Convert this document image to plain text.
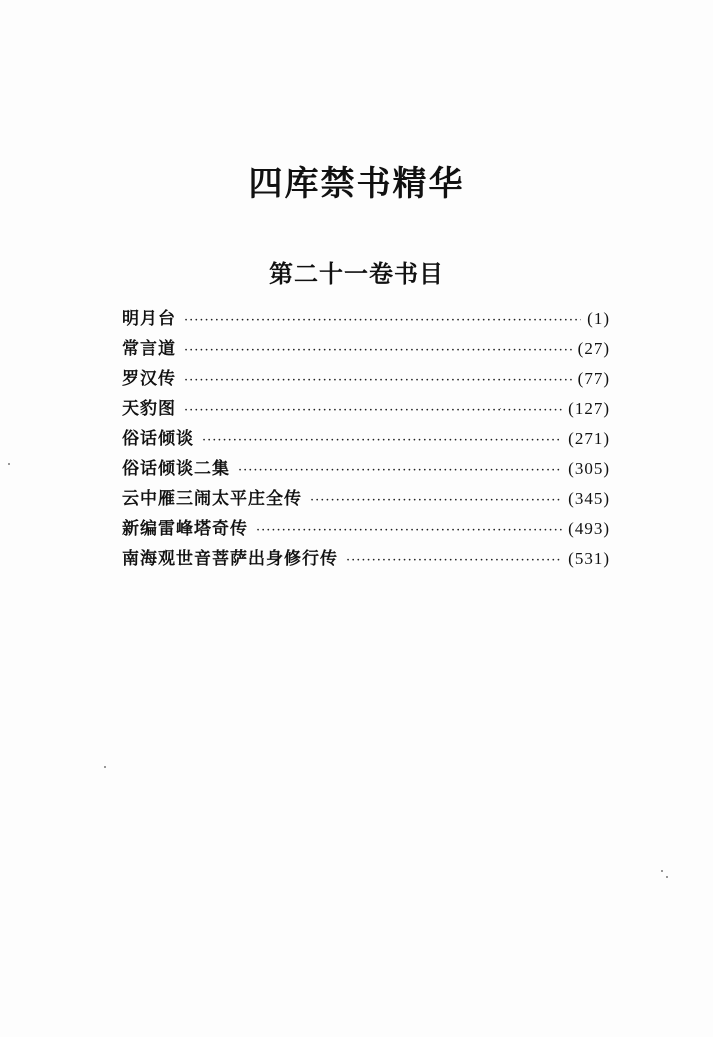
四库禁书精华
第二十一卷书目
明月台 ·····	(1)
常言道 ·····	(27)
罗汉传 ·····	(77)
天豹图 ·····	(127)
俗话倾谈 ·····	(271)
俗话倾谈二集 ·····	(305)
云中雁三闹太平庄全传 ·····	(345)
新编雷峰塔奇传 ·····	(493)
南海观世音菩萨出身修行传 ·····	(531)
